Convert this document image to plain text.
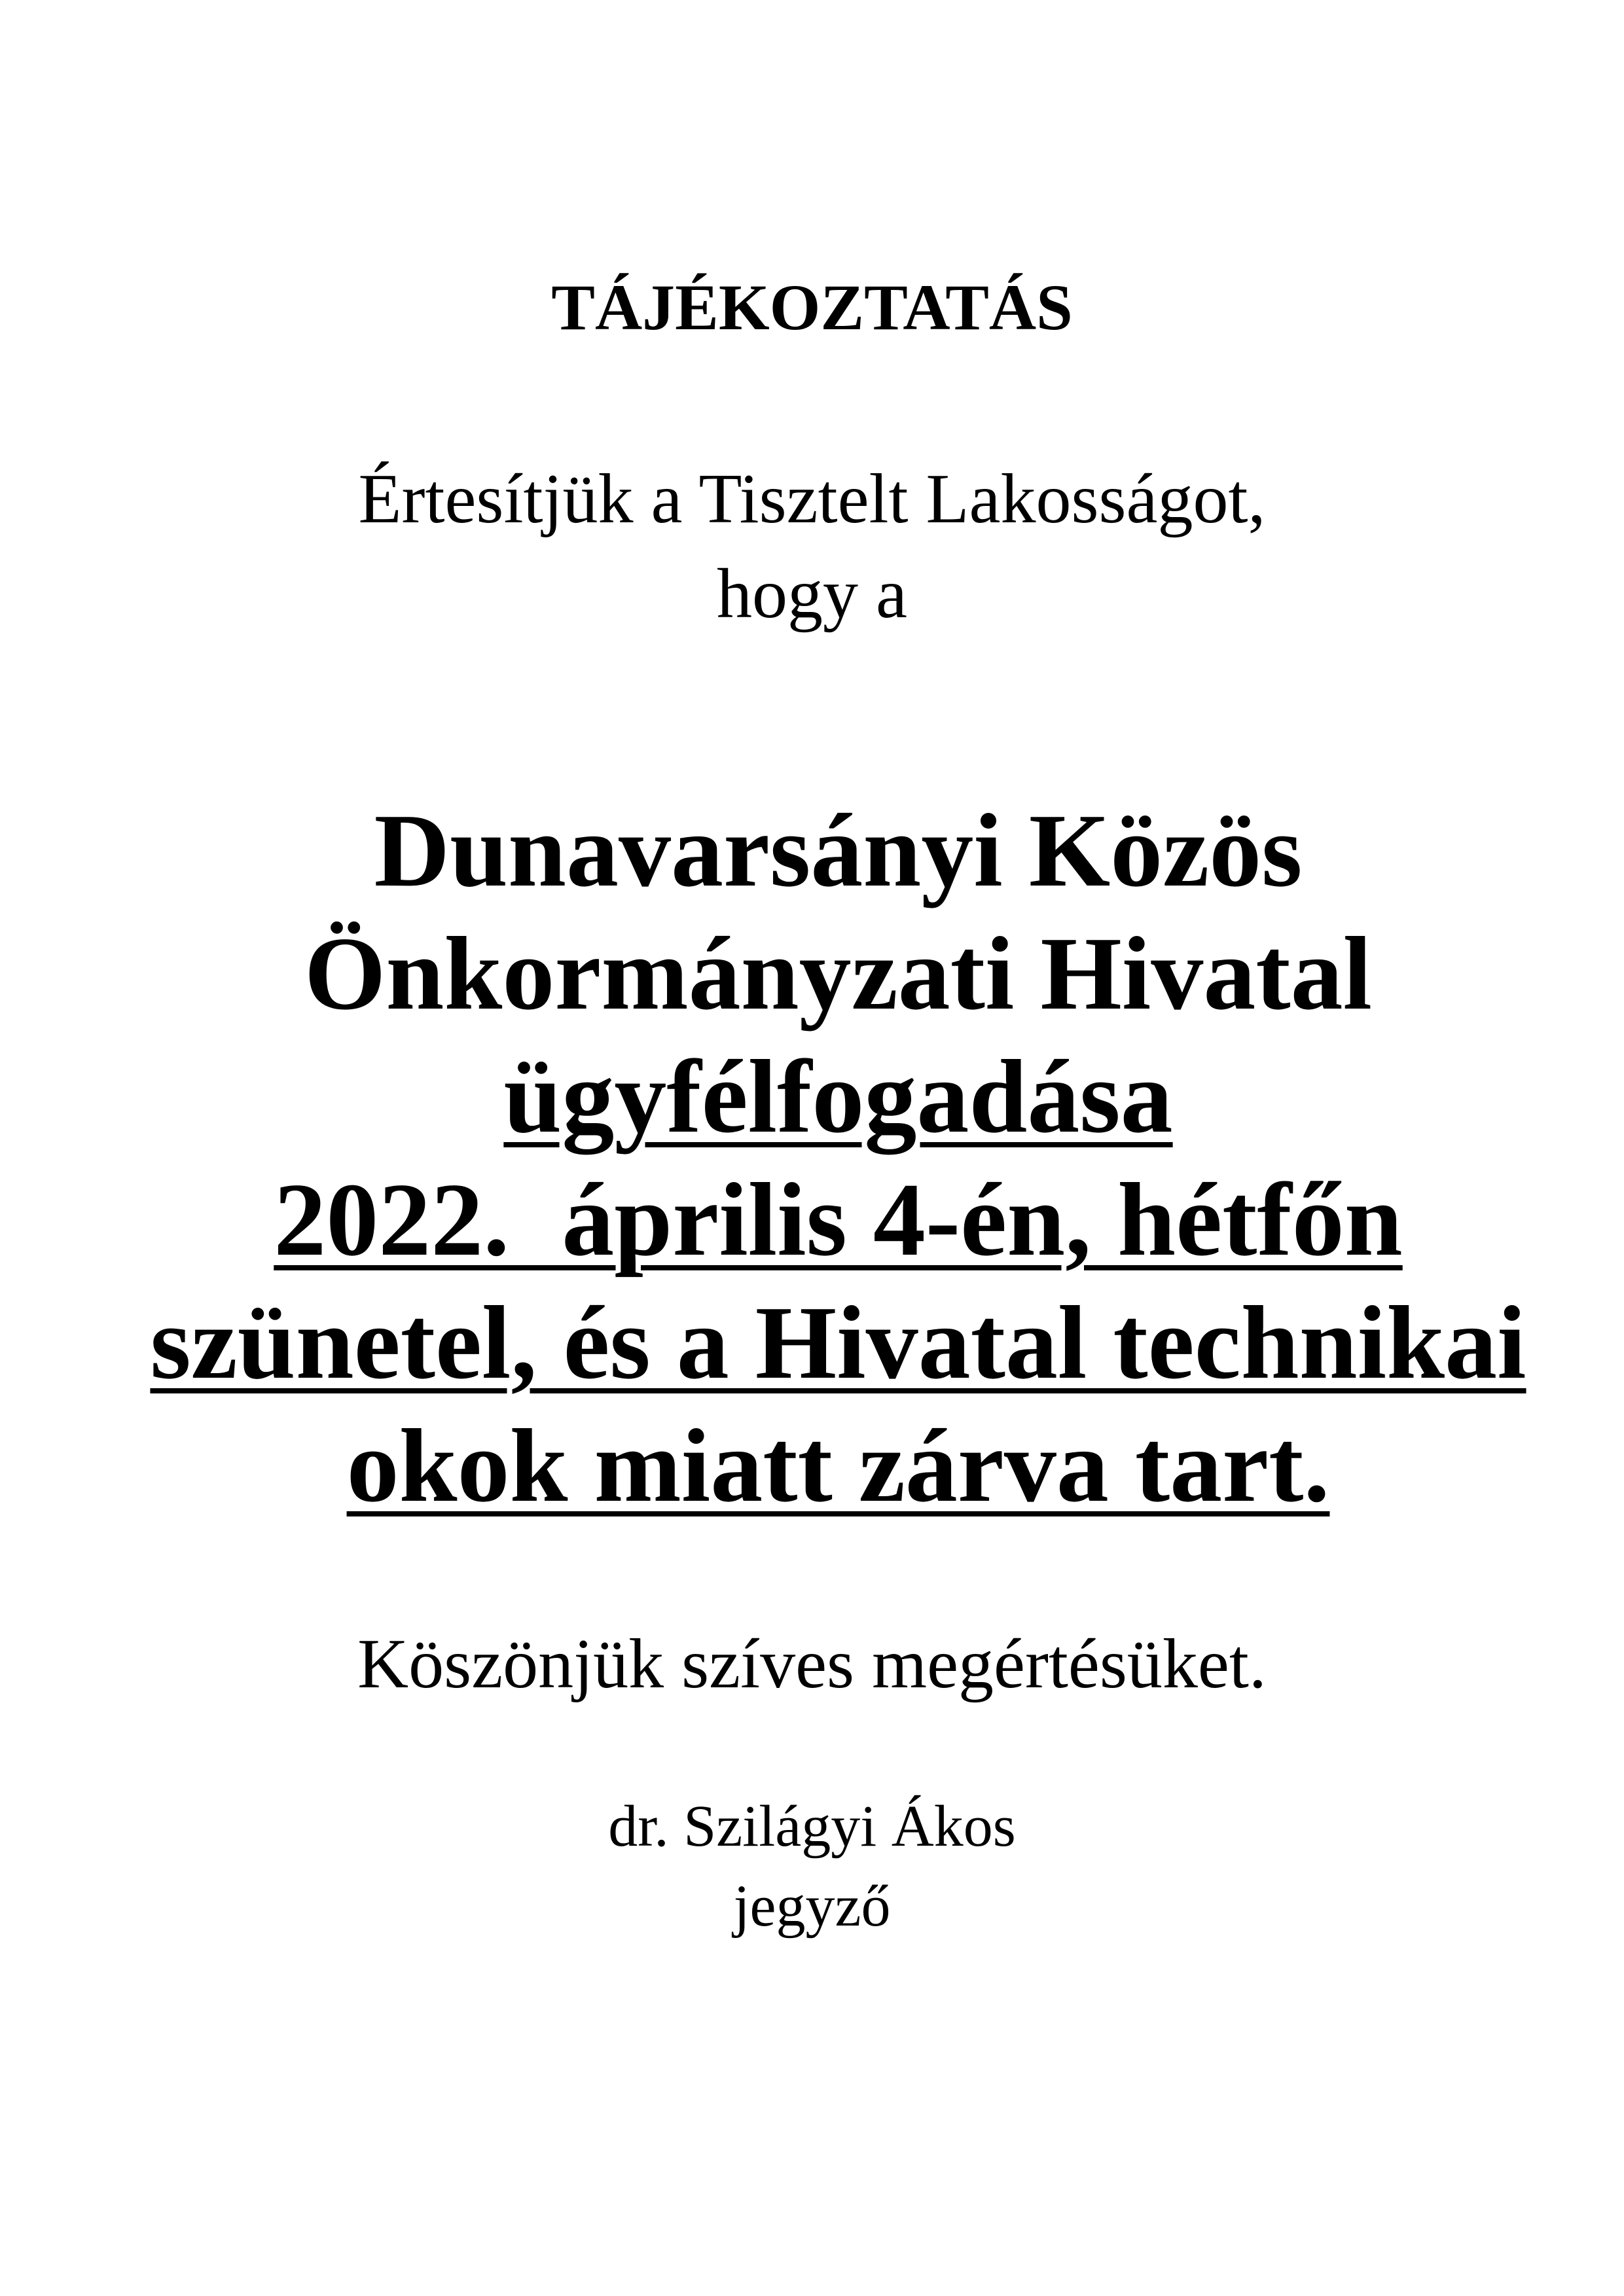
TÁJÉKOZTATÁS
Értesítjük a Tisztelt Lakosságot,
hogy a
Dunavarsányi Közös
Önkormányzati Hivatal
ügyfélfogadása
2022.  április 4-én, hétfőn
szünetel, és a Hivatal technikai
okok miatt zárva tart.
Köszönjük szíves megértésüket.
dr. Szilágyi Ákos
jegyző
